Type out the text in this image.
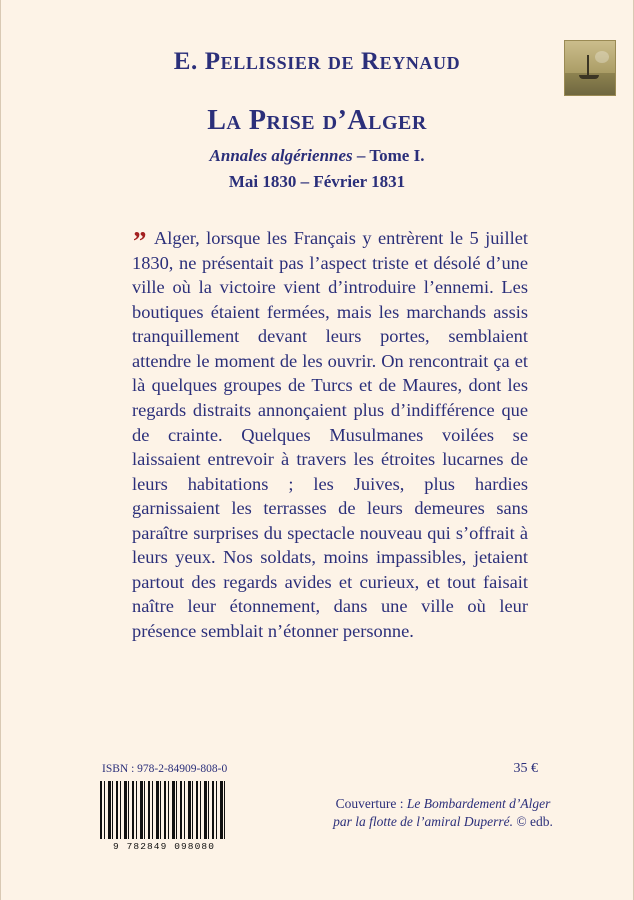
E. Pellissier de Reynaud
La Prise d’Alger
Annales algériennes – Tome I.
Mai 1830 – Février 1831
” Alger, lorsque les Français y entrèrent le 5 juillet 1830, ne présentait pas l’aspect triste et désolé d’une ville où la victoire vient d’introduire l’ennemi. Les boutiques étaient fermées, mais les marchands assis tranquillement devant leurs portes, semblaient attendre le moment de les ouvrir. On rencontrait ça et là quelques groupes de Turcs et de Maures, dont les regards distraits annonçaient plus d’indifférence que de crainte. Quelques Musulmanes voilées se laissaient entrevoir à travers les étroites lucarnes de leurs habitations ; les Juives, plus hardies garnissaient les terrasses de leurs demeures sans paraître surprises du spectacle nouveau qui s’offrait à leurs yeux. Nos soldats, moins impassibles, jetaient partout des regards avides et curieux, et tout faisait naître leur étonnement, dans une ville où leur présence semblait n’étonner personne.

ISBN : 978-2-84909-808-0	35 €
9 782849 098080
Couverture : Le Bombardement d’Alger
par la flotte de l’amiral Duperré. © edb.
